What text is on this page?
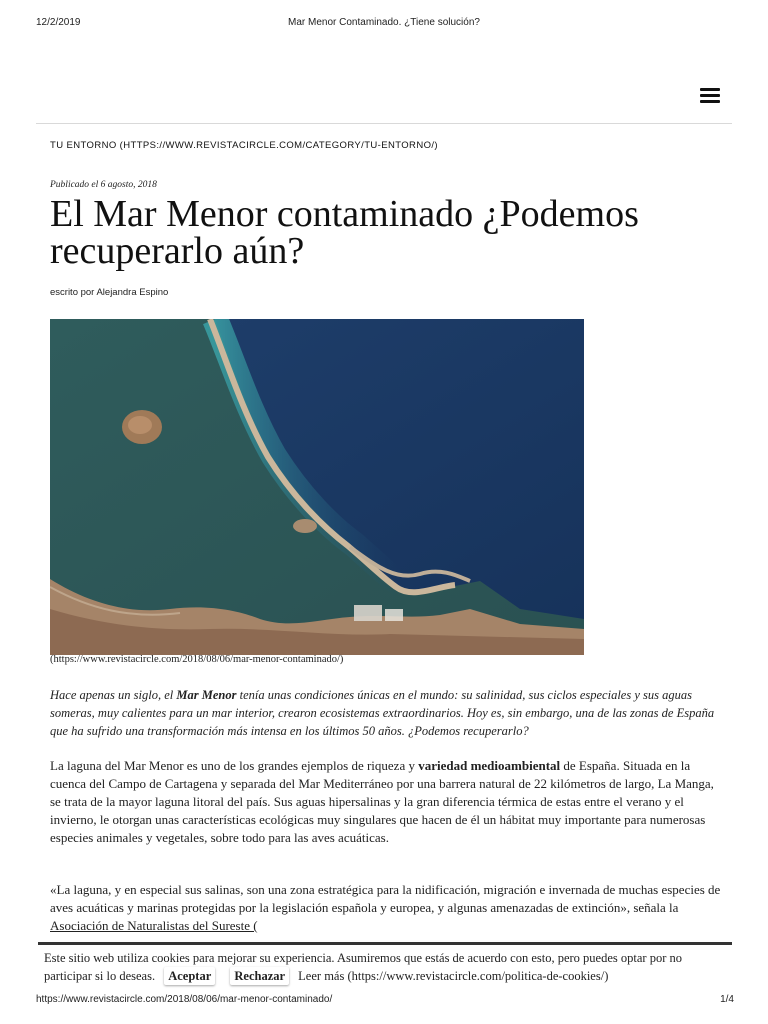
12/2/2019	Mar Menor Contaminado. ¿Tiene solución?
TU ENTORNO (HTTPS://WWW.REVISTACIRCLE.COM/CATEGORY/TU-ENTORNO/)
Publicado el 6 agosto, 2018
El Mar Menor contaminado ¿Podemos recuperarlo aún?
escrito por Alejandra Espino
(https://www.revistacircle.com/2018/08/06/mar-menor-contaminado/)

Hace apenas un siglo, el Mar Menor tenía unas condiciones únicas en el mundo: su salinidad, sus ciclos especiales y sus aguas someras, muy calientes para un mar interior, crearon ecosistemas extraordinarios. Hoy es, sin embargo, una de las zonas de España que ha sufrido una transformación más intensa en los últimos 50 años. ¿Podemos recuperarlo?

La laguna del Mar Menor es uno de los grandes ejemplos de riqueza y variedad medioambiental de España. Situada en la cuenca del Campo de Cartagena y separada del Mar Mediterráneo por una barrera natural de 22 kilómetros de largo, La Manga, se trata de la mayor laguna litoral del país. Sus aguas hipersalinas y la gran diferencia térmica de estas entre el verano y el invierno, le otorgan unas características ecológicas muy singulares que hacen de él un hábitat muy importante para numerosas especies animales y vegetales, sobre todo para las aves acuáticas.

«La laguna, y en especial sus salinas, son una zona estratégica para la nidificación, migración e invernada de muchas especies de aves acuáticas y marinas protegidas por la legislación española y europea, y algunas amenazadas de extinción», señala la Asociación de Naturalistas del Sureste (

Este sitio web utiliza cookies para mejorar su experiencia. Asumiremos que estás de acuerdo con esto, pero puedes optar por no participar si lo deseas. Aceptar Rechazar Leer más (https://www.revistacircle.com/politica-de-cookies/)
https://www.revistacircle.com/2018/08/06/mar-menor-contaminado/	1/4
